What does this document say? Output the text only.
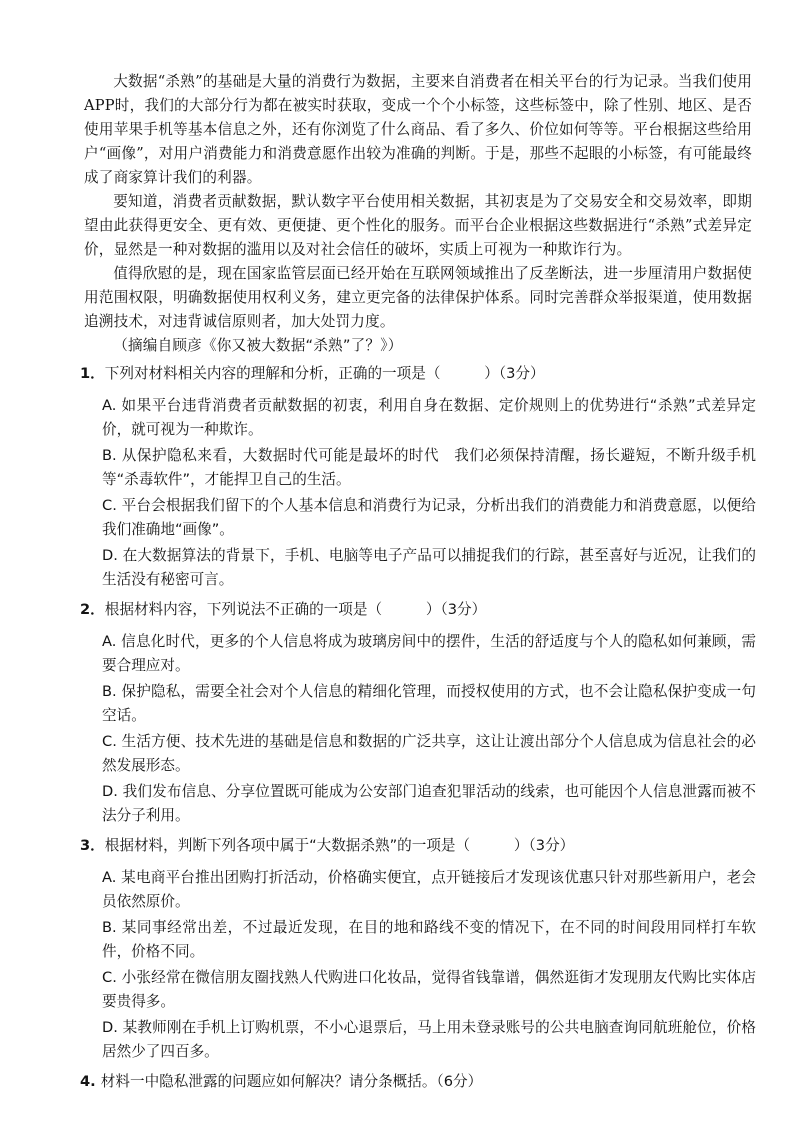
大数据“杀熟”的基础是大量的消费行为数据，主要来自消费者在相关平台的行为记录。当我们使用APP时，我们的大部分行为都在被实时获取，变成一个个小标签，这些标签中，除了性别、地区、是否使用苹果手机等基本信息之外，还有你浏览了什么商品、看了多久、价位如何等等。平台根据这些给用户“画像”，对用户消费能力和消费意愿作出较为准确的判断。于是，那些不起眼的小标签，有可能最终成了商家算计我们的利器。

要知道，消费者贡献数据，默认数字平台使用相关数据，其初衷是为了交易安全和交易效率，即期望由此获得更安全、更有效、更便捷、更个性化的服务。而平台企业根据这些数据进行“杀熟”式差异定价，显然是一种对数据的滥用以及对社会信任的破坏，实质上可视为一种欺诈行为。

值得欣慰的是，现在国家监管层面已经开始在互联网领域推出了反垄断法，进一步厘清用户数据使用范围权限，明确数据使用权利义务，建立更完备的法律保护体系。同时完善群众举报渠道，使用数据追溯技术，对违背诚信原则者，加大处罚力度。

（摘编自顾彦《你又被大数据“杀熟”了？》）

1．下列对材料相关内容的理解和分析，正确的一项是（　　　）（3分）

A. 如果平台违背消费者贡献数据的初衷，利用自身在数据、定价规则上的优势进行“杀熟”式差异定价，就可视为一种欺诈。

B. 从保护隐私来看，大数据时代可能是最坏的时代　我们必须保持清醒，扬长避短，不断升级手机等“杀毒软件”，才能捍卫自己的生活。

C. 平台会根据我们留下的个人基本信息和消费行为记录，分析出我们的消费能力和消费意愿，以便给我们准确地“画像”。

D. 在大数据算法的背景下，手机、电脑等电子产品可以捕捉我们的行踪，甚至喜好与近况，让我们的生活没有秘密可言。

2．根据材料内容，下列说法不正确的一项是（　　　）（3分）

A. 信息化时代，更多的个人信息将成为玻璃房间中的摆件，生活的舒适度与个人的隐私如何兼顾，需要合理应对。

B. 保护隐私，需要全社会对个人信息的精细化管理，而授权使用的方式，也不会让隐私保护变成一句空话。

C. 生活方便、技术先进的基础是信息和数据的广泛共享，这让让渡出部分个人信息成为信息社会的必然发展形态。

D. 我们发布信息、分享位置既可能成为公安部门追查犯罪活动的线索，也可能因个人信息泄露而被不法分子利用。

3．根据材料，判断下列各项中属于“大数据杀熟”的一项是（　　　）（3分）

A. 某电商平台推出团购打折活动，价格确实便宜，点开链接后才发现该优惠只针对那些新用户，老会员依然原价。

B. 某同事经常出差，不过最近发现，在目的地和路线不变的情况下，在不同的时间段用同样打车软件，价格不同。

C. 小张经常在微信朋友圈找熟人代购进口化妆品，觉得省钱靠谱，偶然逛街才发现朋友代购比实体店要贵得多。

D. 某教师刚在手机上订购机票，不小心退票后，马上用未登录账号的公共电脑查询同航班舱位，价格居然少了四百多。

4. 材料一中隐私泄露的问题应如何解决？请分条概括。（6分）
